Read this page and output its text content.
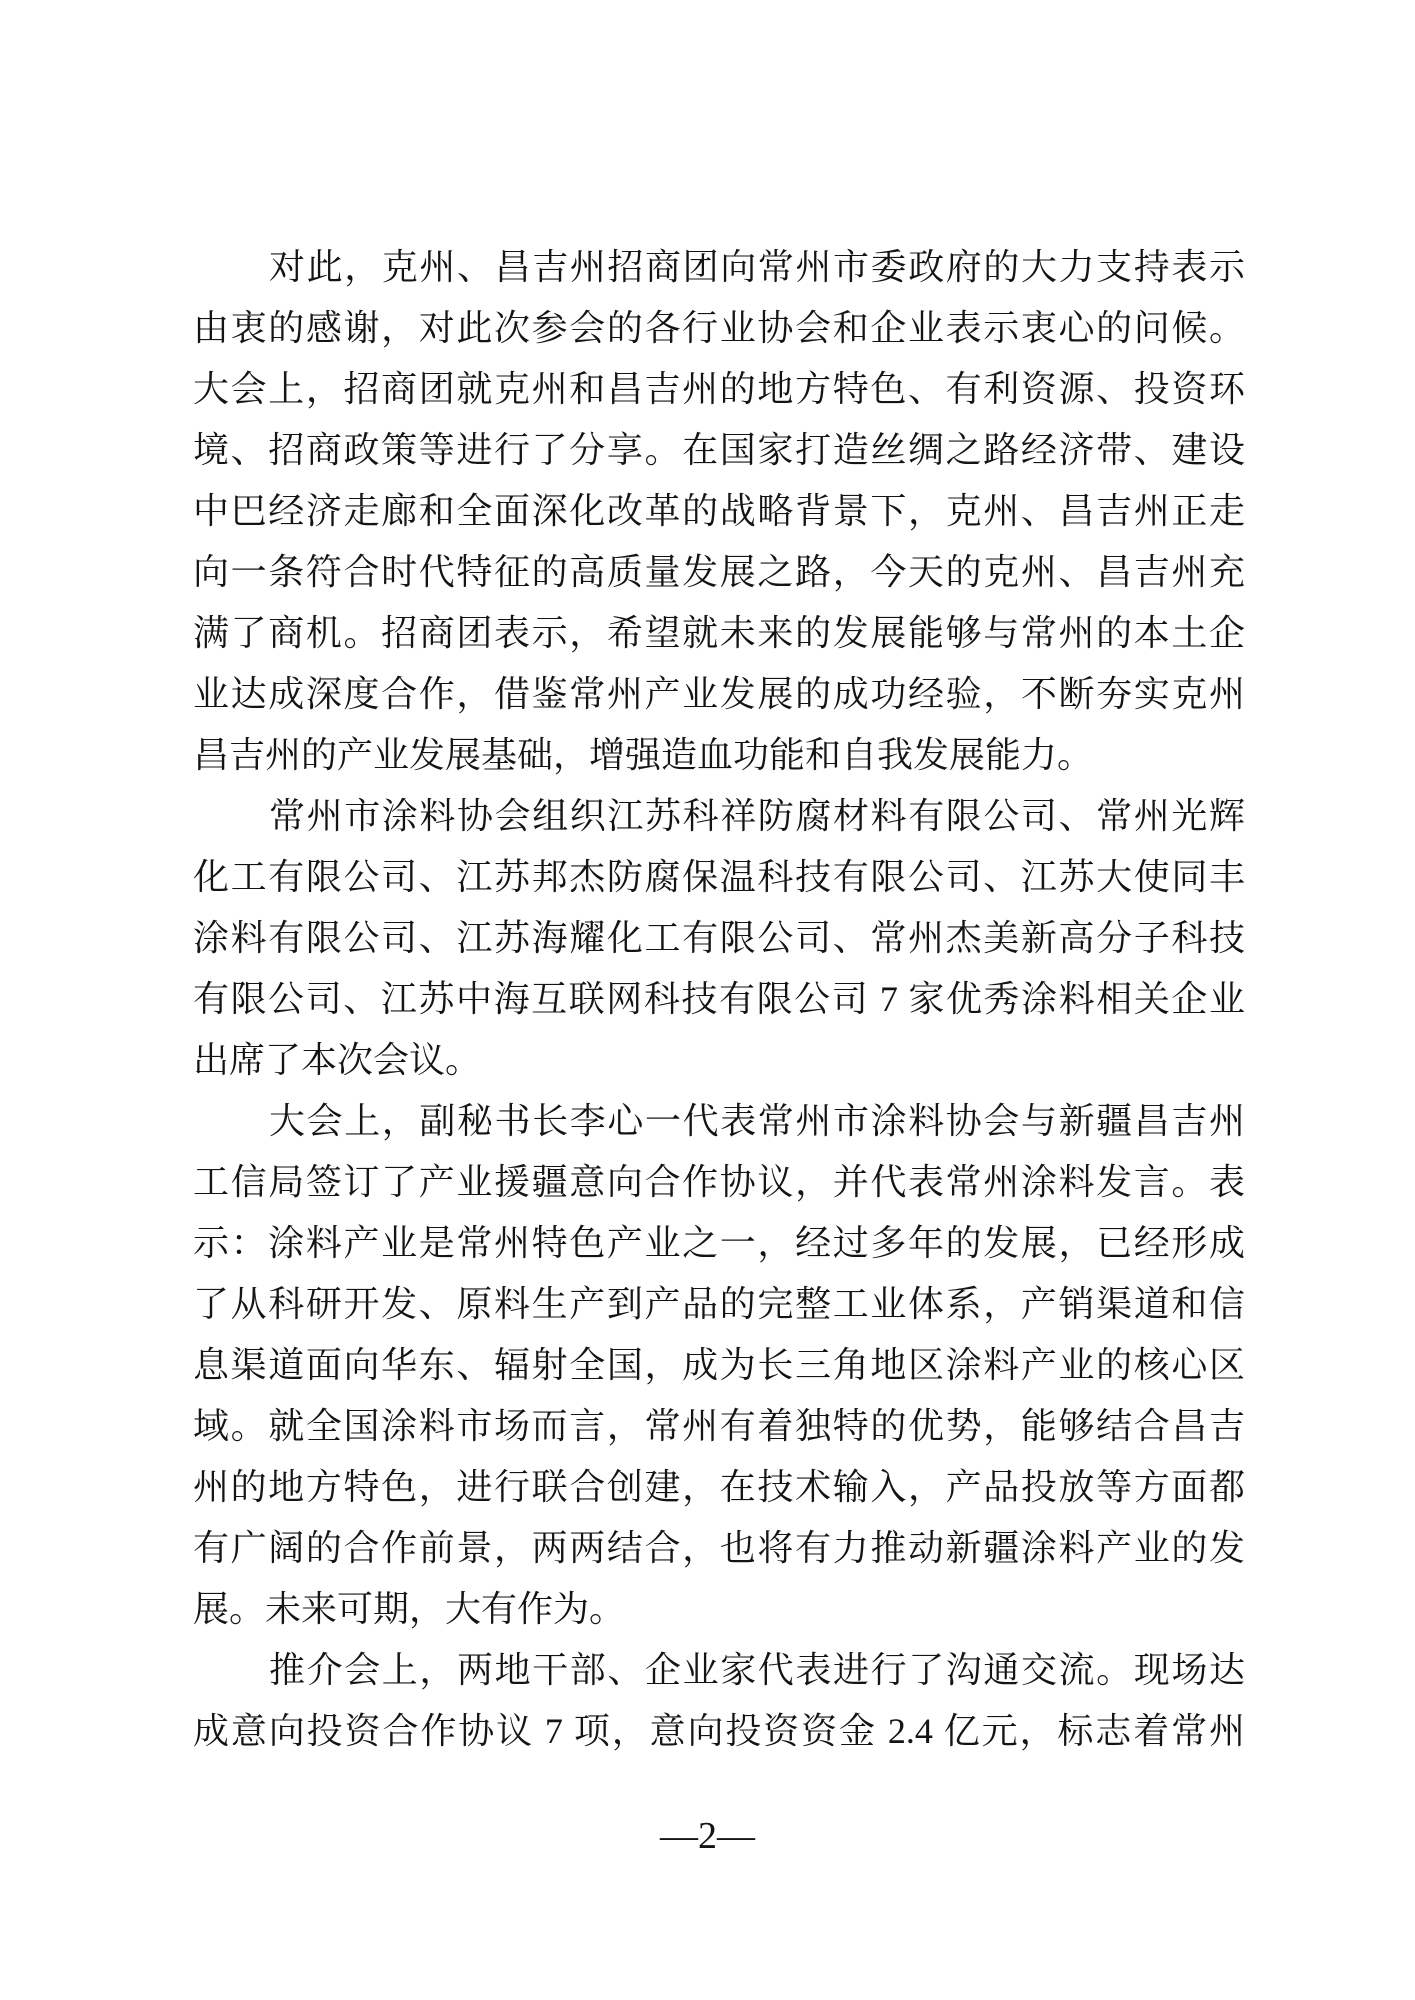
对此，克州、昌吉州招商团向常州市委政府的大力支持表示
由衷的感谢，对此次参会的各行业协会和企业表示衷心的问候。
大会上，招商团就克州和昌吉州的地方特色、有利资源、投资环
境、招商政策等进行了分享。在国家打造丝绸之路经济带、建设
中巴经济走廊和全面深化改革的战略背景下，克州、昌吉州正走
向一条符合时代特征的高质量发展之路，今天的克州、昌吉州充
满了商机。招商团表示，希望就未来的发展能够与常州的本土企
业达成深度合作，借鉴常州产业发展的成功经验，不断夯实克州
昌吉州的产业发展基础，增强造血功能和自我发展能力。
常州市涂料协会组织江苏科祥防腐材料有限公司、常州光辉
化工有限公司、江苏邦杰防腐保温科技有限公司、江苏大使同丰
涂料有限公司、江苏海耀化工有限公司、常州杰美新高分子科技
有限公司、江苏中海互联网科技有限公司 7 家优秀涂料相关企业
出席了本次会议。
大会上，副秘书长李心一代表常州市涂料协会与新疆昌吉州
工信局签订了产业援疆意向合作协议，并代表常州涂料发言。表
示：涂料产业是常州特色产业之一，经过多年的发展，已经形成
了从科研开发、原料生产到产品的完整工业体系，产销渠道和信
息渠道面向华东、辐射全国，成为长三角地区涂料产业的核心区
域。就全国涂料市场而言，常州有着独特的优势，能够结合昌吉
州的地方特色，进行联合创建，在技术输入，产品投放等方面都
有广阔的合作前景，两两结合，也将有力推动新疆涂料产业的发
展。未来可期，大有作为。
推介会上，两地干部、企业家代表进行了沟通交流。现场达
成意向投资合作协议 7 项，意向投资资金 2.4 亿元，标志着常州
—2—
